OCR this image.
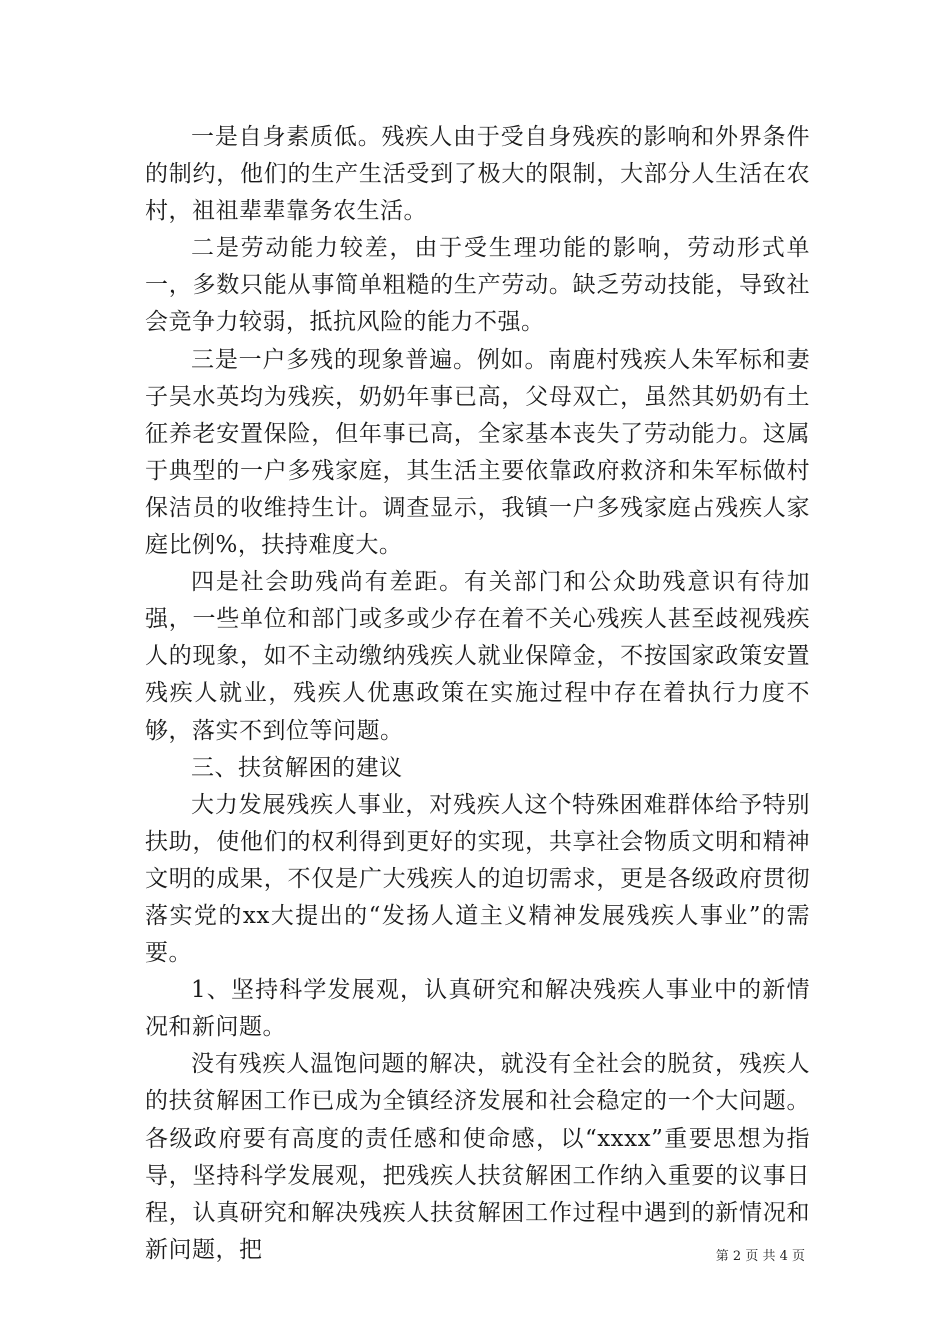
一是自身素质低。残疾人由于受自身残疾的影响和外界条件的制约，他们的生产生活受到了极大的限制，大部分人生活在农村，祖祖辈辈靠务农生活。

二是劳动能力较差，由于受生理功能的影响，劳动形式单一，多数只能从事简单粗糙的生产劳动。缺乏劳动技能，导致社会竞争力较弱，抵抗风险的能力不强。

三是一户多残的现象普遍。例如。南鹿村残疾人朱军标和妻子吴水英均为残疾，奶奶年事已高，父母双亡，虽然其奶奶有土征养老安置保险，但年事已高，全家基本丧失了劳动能力。这属于典型的一户多残家庭，其生活主要依靠政府救济和朱军标做村保洁员的收维持生计。调查显示，我镇一户多残家庭占残疾人家庭比例%，扶持难度大。

四是社会助残尚有差距。有关部门和公众助残意识有待加强，一些单位和部门或多或少存在着不关心残疾人甚至歧视残疾人的现象，如不主动缴纳残疾人就业保障金，不按国家政策安置残疾人就业，残疾人优惠政策在实施过程中存在着执行力度不够，落实不到位等问题。

三、扶贫解困的建议

大力发展残疾人事业，对残疾人这个特殊困难群体给予特别扶助，使他们的权利得到更好的实现，共享社会物质文明和精神文明的成果，不仅是广大残疾人的迫切需求，更是各级政府贯彻落实党的xx大提出的“发扬人道主义精神发展残疾人事业”的需要。

1、坚持科学发展观，认真研究和解决残疾人事业中的新情况和新问题。

没有残疾人温饱问题的解决，就没有全社会的脱贫，残疾人的扶贫解困工作已成为全镇经济发展和社会稳定的一个大问题。各级政府要有高度的责任感和使命感，以“xxxx”重要思想为指导，坚持科学发展观，把残疾人扶贫解困工作纳入重要的议事日程，认真研究和解决残疾人扶贫解困工作过程中遇到的新情况和新问题，把	第 2 页 共 4 页
